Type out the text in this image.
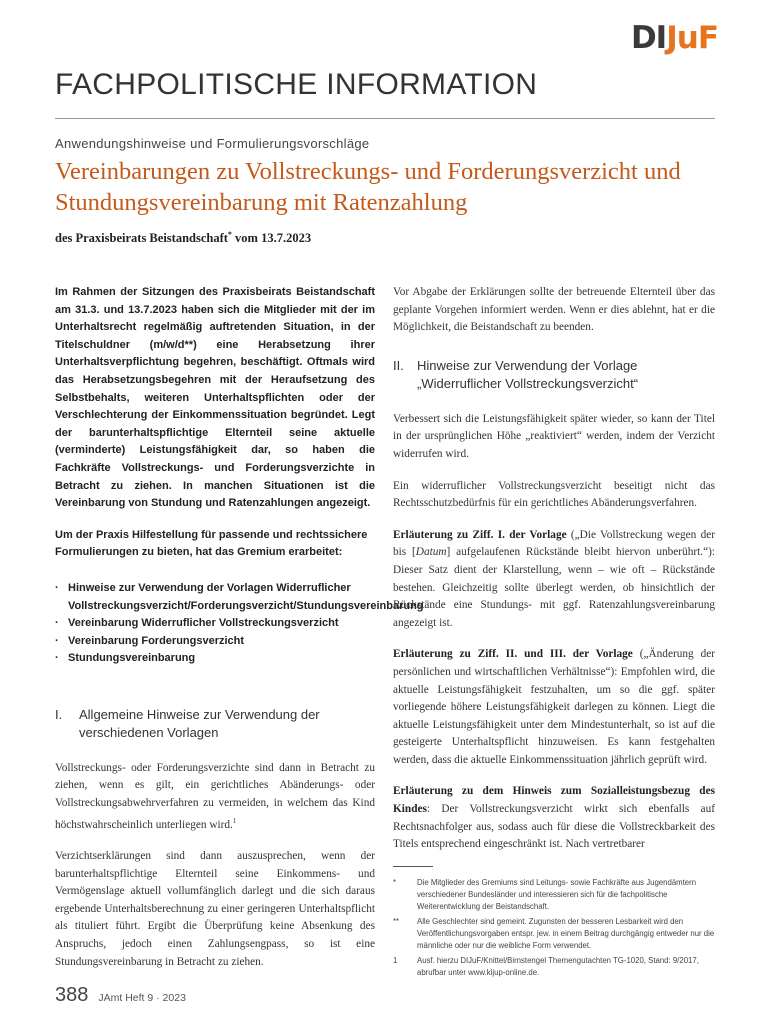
DI JuF
FACHPOLITISCHE INFORMATION

Anwendungshinweise und Formulierungsvorschläge

Vereinbarungen zu Vollstreckungs- und Forderungsverzicht und Stundungsvereinbarung mit Ratenzahlung

des Praxisbeirats Beistandschaft* vom 13.7.2023

Im Rahmen der Sitzungen des Praxisbeirats Beistandschaft am 31.3. und 13.7.2023 haben sich die Mitglieder mit der im Unterhaltsrecht regelmäßig auftretenden Situation, in der Titelschuldner (m/w/d**) eine Herabsetzung ihrer Unterhaltsverpflichtung begehren, beschäftigt. Oftmals wird das Herabsetzungsbegehren mit der Heraufsetzung des Selbstbehalts, weiteren Unterhaltspflichten oder der Verschlechterung der Einkommenssituation begründet. Legt der barunterhaltspflichtige Elternteil seine aktuelle (verminderte) Leistungsfähigkeit dar, so haben die Fachkräfte Vollstreckungs- und Forderungsverzichte in Betracht zu ziehen. In manchen Situationen ist die Vereinbarung von Stundung und Ratenzahlungen angezeigt.

Um der Praxis Hilfestellung für passende und rechtssichere Formulierungen zu bieten, hat das Gremium erarbeitet:

· Hinweise zur Verwendung der Vorlagen Widerruflicher Vollstreckungsverzicht/Forderungsverzicht/Stundungsvereinbarung
· Vereinbarung Widerruflicher Vollstreckungsverzicht
· Vereinbarung Forderungsverzicht
· Stundungsvereinbarung
I.	Allgemeine Hinweise zur Verwendung der verschiedenen Vorlagen

Vollstreckungs- oder Forderungsverzichte sind dann in Betracht zu ziehen, wenn es gilt, ein gerichtliches Abänderungs- oder Vollstreckungsabwehrverfahren zu vermeiden, in welchem das Kind höchstwahrscheinlich unterliegen wird.$^1$

Verzichtserklärungen sind dann auszusprechen, wenn der barunterhaltspflichtige Elternteil seine Einkommens- und Vermögenslage aktuell vollumfänglich darlegt und die sich daraus ergebende Unterhaltsberechnung zu einer geringeren Unterhaltspflicht als tituliert führt. Ergibt die Überprüfung keine Absenkung des Anspruchs, jedoch einen Zahlungsengpass, so ist eine Stundungsvereinbarung in Betracht zu ziehen.

Vor Abgabe der Erklärungen sollte der betreuende Elternteil über das geplante Vorgehen informiert werden. Wenn er dies ablehnt, hat er die Möglichkeit, die Beistandschaft zu beenden.

II.	Hinweise zur Verwendung der Vorlage „Widerruflicher Vollstreckungsverzicht“

Verbessert sich die Leistungsfähigkeit später wieder, so kann der Titel in der ursprünglichen Höhe „reaktiviert“ werden, indem der Verzicht widerrufen wird.

Ein widerruflicher Vollstreckungsverzicht beseitigt nicht das Rechtsschutzbedürfnis für ein gerichtliches Abänderungsverfahren.

Erläuterung zu Ziff. I. der Vorlage („Die Vollstreckung wegen der bis [Datum] aufgelaufenen Rückstände bleibt hiervon unberührt.“): Dieser Satz dient der Klarstellung, wenn – wie oft – Rückstände bestehen. Gleichzeitig sollte überlegt werden, ob hinsichtlich der Rückstände eine Stundungs- mit ggf. Ratenzahlungsvereinbarung angezeigt ist.

Erläuterung zu Ziff. II. und III. der Vorlage („Änderung der persönlichen und wirtschaftlichen Verhältnisse“): Empfohlen wird, die aktuelle Leistungsfähigkeit festzuhalten, um so die ggf. später vorliegende höhere Leistungsfähigkeit darlegen zu können. Liegt die aktuelle Leistungsfähigkeit unter dem Mindestunterhalt, so ist auf die gesteigerte Unterhaltspflicht hinzuweisen. Es kann festgehalten werden, dass die aktuelle Einkommenssituation jährlich geprüft wird.

Erläuterung zu dem Hinweis zum Sozialleistungsbezug des Kindes: Der Vollstreckungsverzicht wirkt sich ebenfalls auf Rechtsnachfolger aus, sodass auch für diese die Vollstreckbarkeit des Titels entsprechend eingeschränkt ist. Nach vertretbarer

*	Die Mitglieder des Gremiums sind Leitungs- sowie Fachkräfte aus Jugendämtern verschiedener Bundesländer und interessieren sich für die fachpolitische Weiterentwicklung der Beistandschaft.
**	Alle Geschlechter sind gemeint. Zugunsten der besseren Lesbarkeit wird den Veröffentlichungsvorgaben entspr. jew. in einem Beitrag durchgängig entweder nur die männliche oder nur die weibliche Form verwendet.
1	Ausf. hierzu DIJuF/Knittel/Birnstengel Themengutachten TG-1020, Stand: 9/2017, abrufbar unter www.kijup-online.de.
388 JAmt Heft 9 · 2023
